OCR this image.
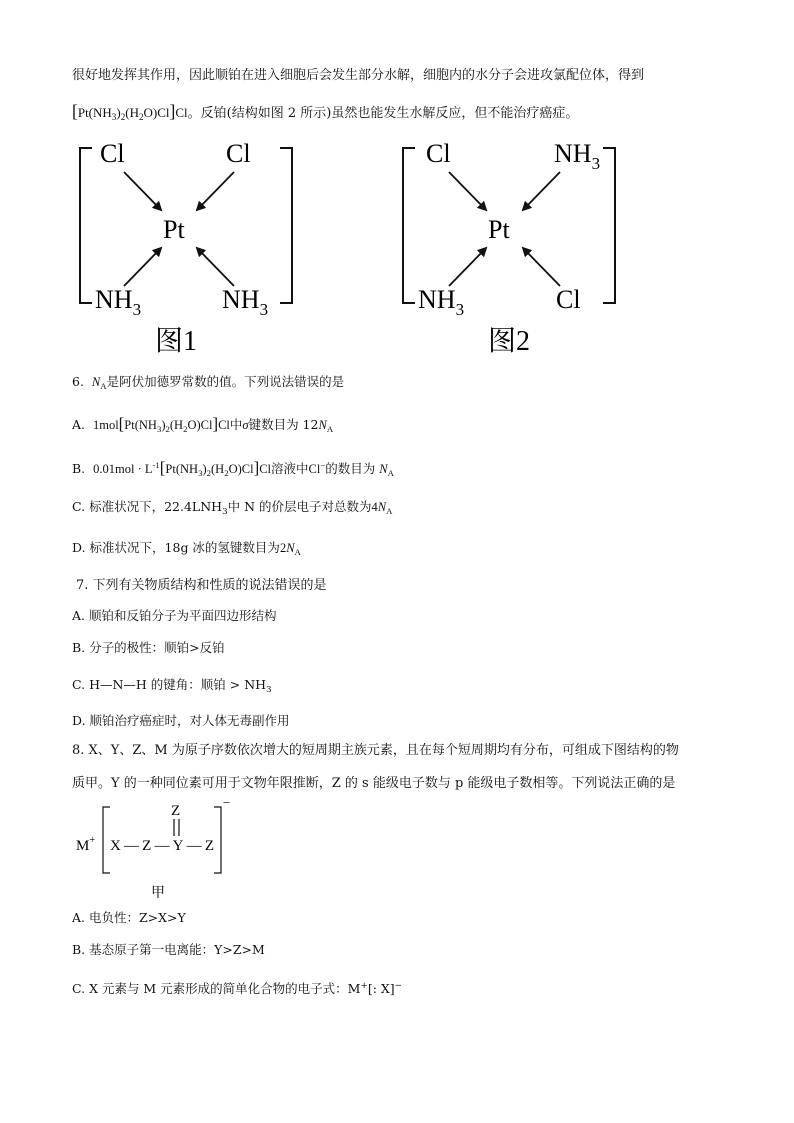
很好地发挥其作用，因此顺铂在进入细胞后会发生部分水解，细胞内的水分子会进攻氯配位体，得到
$[Pt(NH_3)_2(H_2O)Cl]Cl$。反铂(结构如图 2 所示)虽然也能发生水解反应，但不能治疗癌症。
Cl	Cl
Pt
$NH_3$	$NH_3$
图1
Cl	$NH_3$
Pt
$NH_3$	Cl
图2
6. $N_A$是阿伏加德罗常数的值。下列说法错误的是
A. $1mol[Pt(NH_3)_2(H_2O)Cl]Cl$中σ键数目为 $12N_A$
B. $0.01mol \cdot L^{-1}[Pt(NH_3)_2(H_2O)Cl]Cl$溶液中Cl−的数目为 $N_A$
C. 标准状况下，$22.4LNH_3$中 N 的价层电子对总数为$4N_A$
D. 标准状况下，18g 冰的氢键数目为$2N_A$
7. 下列有关物质结构和性质的说法错误的是
A. 顺铂和反铂分子为平面四边形结构
B. 分子的极性：顺铂>反铂
C. H—N—H 的键角：顺铂 > $NH_3$
D. 顺铂治疗癌症时，对人体无毒副作用
8. X、Y、Z、M 为原子序数依次增大的短周期主族元素，且在每个短周期均有分布，可组成下图结构的物
质甲。Y 的一种同位素可用于文物年限推断，Z 的 s 能级电子数与 p 能级电子数相等。下列说法正确的是
M+
−
Z
X—Z—Y—Z
甲
A. 电负性：Z>X>Y
B. 基态原子第一电离能：Y>Z>M
C. X 元素与 M 元素形成的简单化合物的电子式：M+[: X]−
